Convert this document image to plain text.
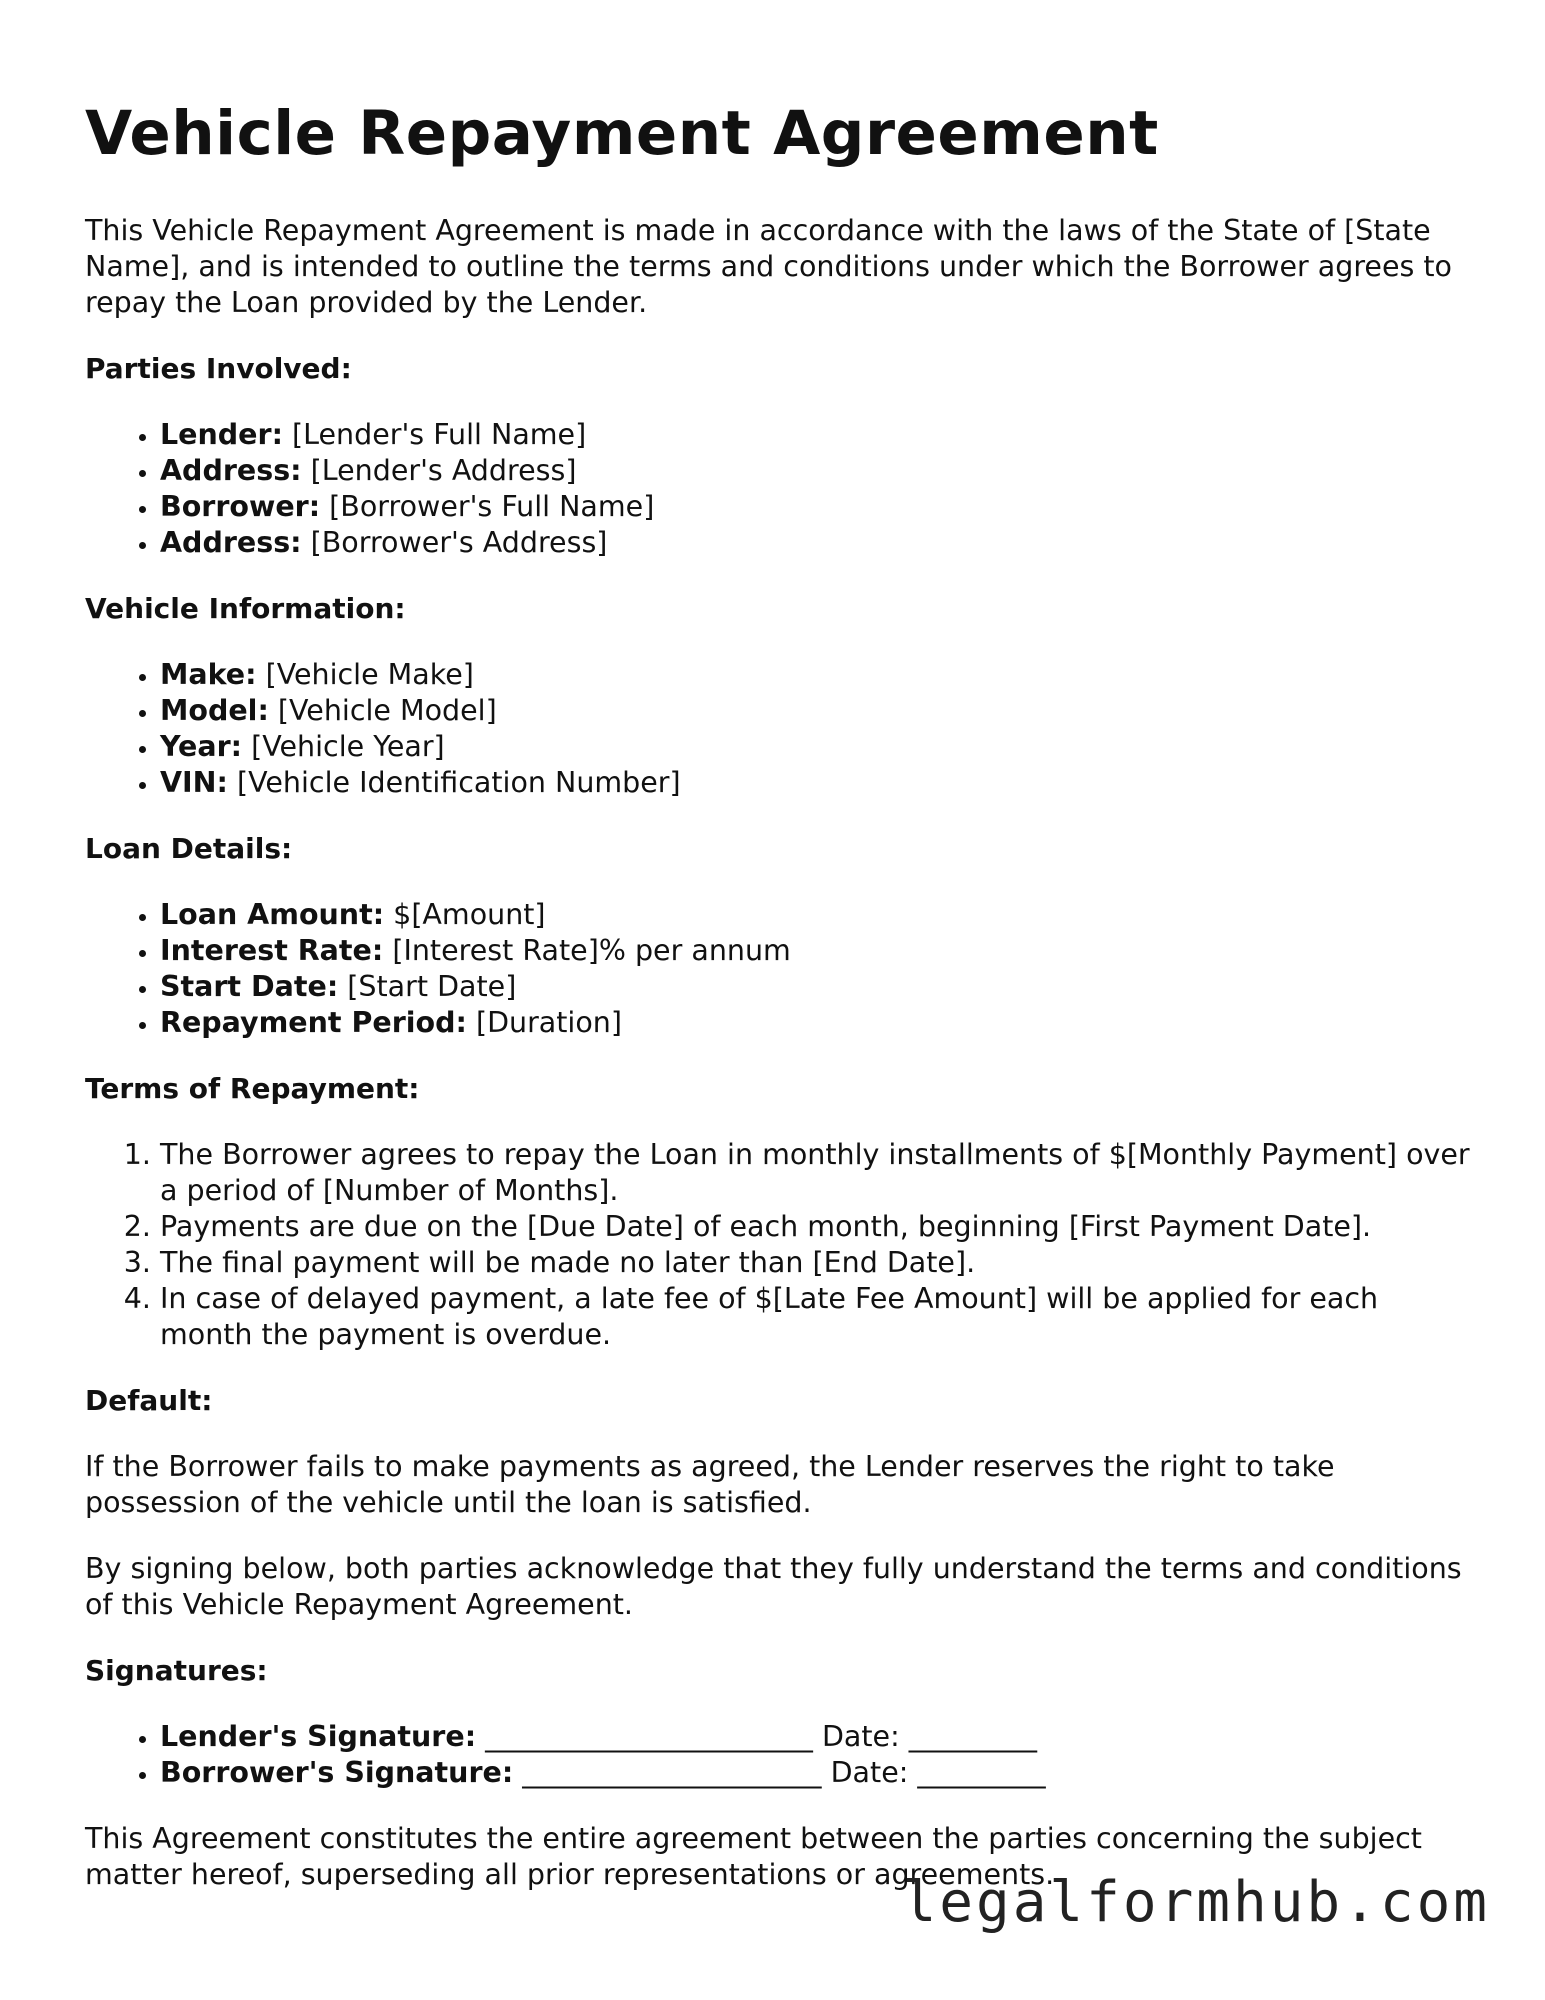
Vehicle Repayment Agreement

This Vehicle Repayment Agreement is made in accordance with the laws of the State of [State Name], and is intended to outline the terms and conditions under which the Borrower agrees to repay the Loan provided by the Lender.

Parties Involved:
• Lender: [Lender's Full Name]
• Address: [Lender's Address]
• Borrower: [Borrower's Full Name]
• Address: [Borrower's Address]
Vehicle Information:
• Make: [Vehicle Make]
• Model: [Vehicle Model]
• Year: [Vehicle Year]
• VIN: [Vehicle Identification Number]
Loan Details:
• Loan Amount: $[Amount]
• Interest Rate: [Interest Rate]% per annum
• Start Date: [Start Date]
• Repayment Period: [Duration]
Terms of Repayment:
1. The Borrower agrees to repay the Loan in monthly installments of $[Monthly Payment] over a period of [Number of Months].
2. Payments are due on the [Due Date] of each month, beginning [First Payment Date].
3. The final payment will be made no later than [End Date].
4. In case of delayed payment, a late fee of $[Late Fee Amount] will be applied for each month the payment is overdue.
Default:

If the Borrower fails to make payments as agreed, the Lender reserves the right to take possession of the vehicle until the loan is satisfied.

By signing below, both parties acknowledge that they fully understand the terms and conditions of this Vehicle Repayment Agreement.

Signatures:
• Lender's Signature: _______________________ Date: _________
• Borrower's Signature: _____________________ Date: _________

This Agreement constitutes the entire agreement between the parties concerning the subject matter hereof, superseding all prior representations or agreements.

legalformhub.com
